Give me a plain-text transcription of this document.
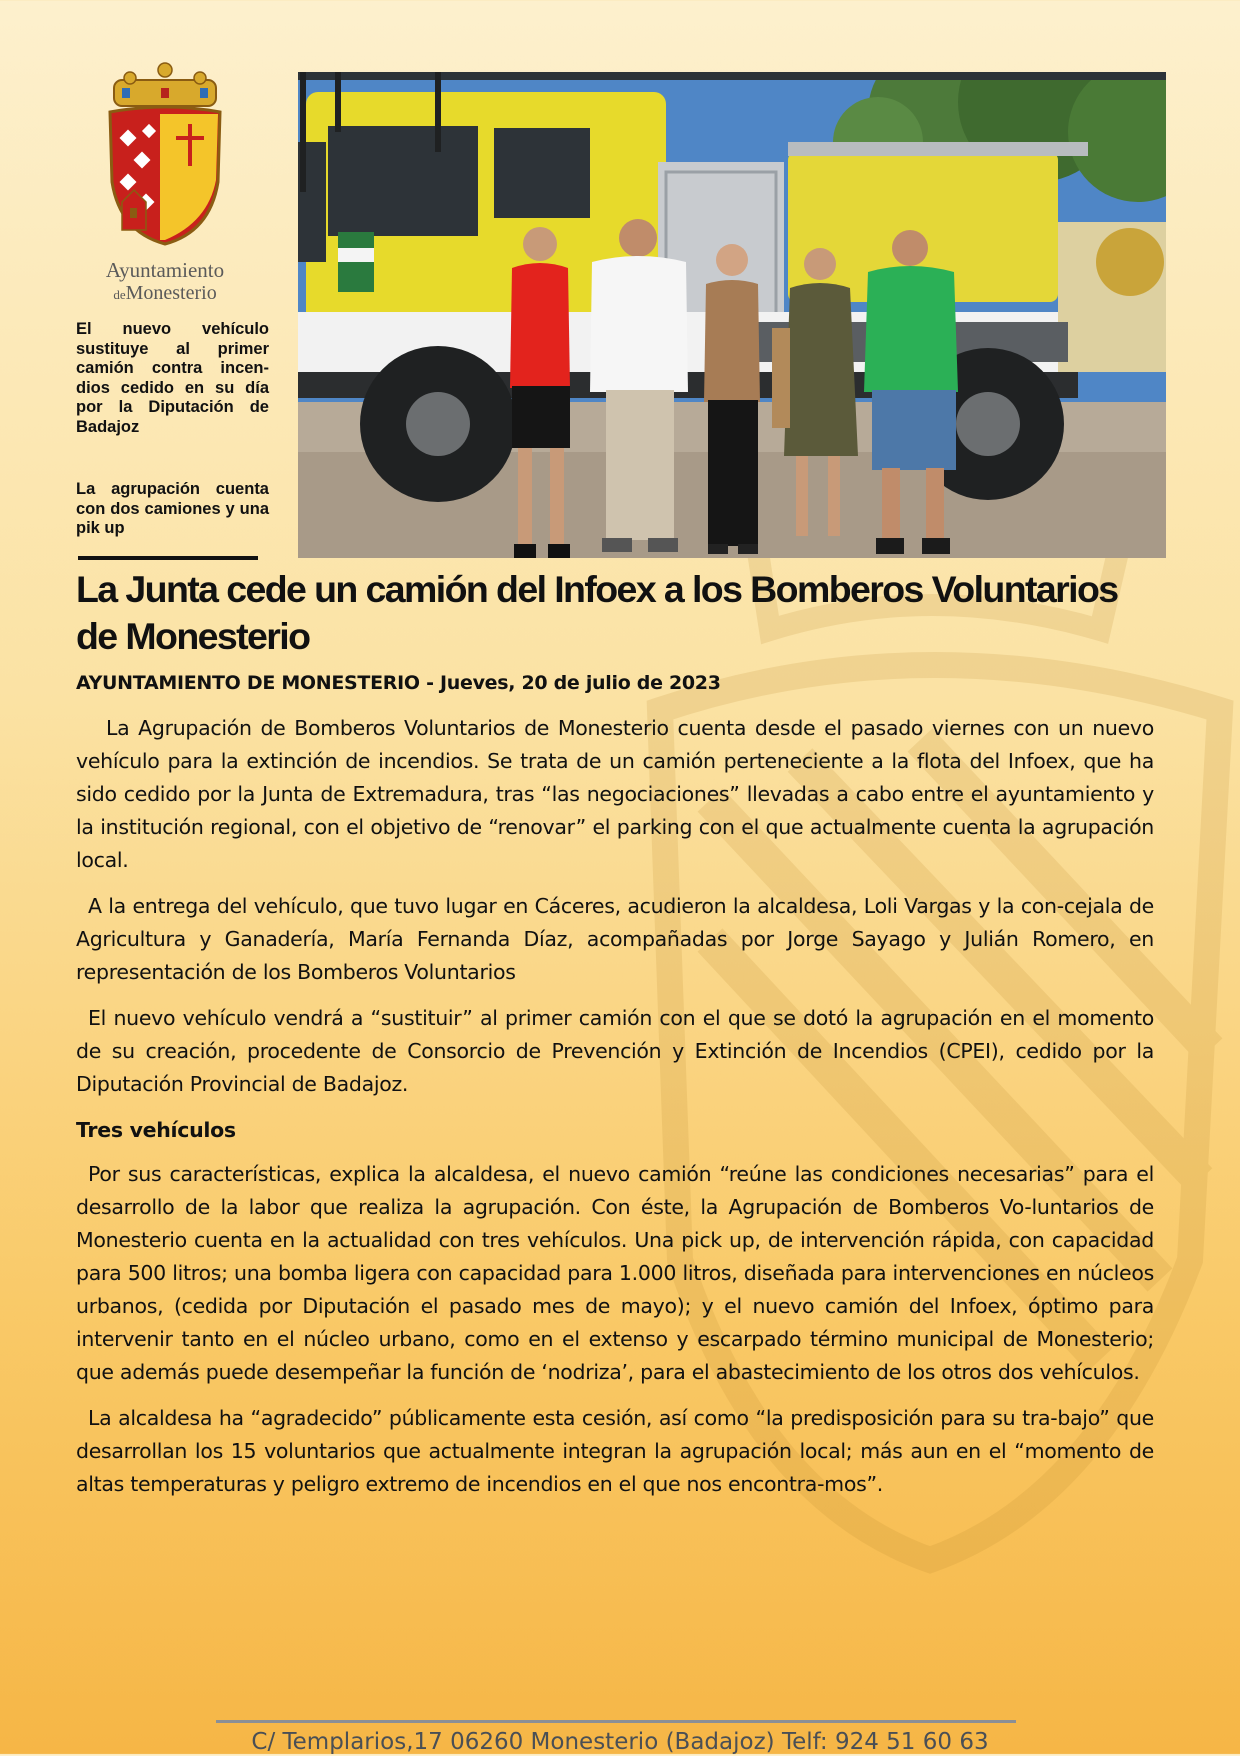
Ayuntamiento
deMonesterio
El nuevo vehículo sustituye al primer camión contra incen-dios cedido en su día por la Diputación de Badajoz
La agrupación cuenta con dos camiones y una pik up
La Junta cede un camión del Infoex a los Bomberos Voluntarios de Monesterio

AYUNTAMIENTO DE MONESTERIO - Jueves, 20 de julio de 2023

La Agrupación de Bomberos Voluntarios de Monesterio cuenta desde el pasado viernes con un nuevo vehículo para la extinción de incendios. Se trata de un camión perteneciente a la flota del Infoex, que ha sido cedido por la Junta de Extremadura, tras “las negociaciones” llevadas a cabo entre el ayuntamiento y la institución regional, con el objetivo de “renovar” el parking con el que actualmente cuenta la agrupación local.

A la entrega del vehículo, que tuvo lugar en Cáceres, acudieron la alcaldesa, Loli Vargas y la con-cejala de Agricultura y Ganadería, María Fernanda Díaz, acompañadas por Jorge Sayago y Julián Romero, en representación de los Bomberos Voluntarios

El nuevo vehículo vendrá a “sustituir” al primer camión con el que se dotó la agrupación en el momento de su creación, procedente de Consorcio de Prevención y Extinción de Incendios (CPEI), cedido por la Diputación Provincial de Badajoz.

Tres vehículos

Por sus características, explica la alcaldesa, el nuevo camión “reúne las condiciones necesarias” para el desarrollo de la labor que realiza la agrupación. Con éste, la Agrupación de Bomberos Vo-luntarios de Monesterio cuenta en la actualidad con tres vehículos. Una pick up, de intervención rápida, con capacidad para 500 litros; una bomba ligera con capacidad para 1.000 litros, diseñada para intervenciones en núcleos urbanos, (cedida por Diputación el pasado mes de mayo); y el nuevo camión del Infoex, óptimo para intervenir tanto en el núcleo urbano, como en el extenso y escarpado término municipal de Monesterio; que además puede desempeñar la función de ‘nodriza’, para el abastecimiento de los otros dos vehículos.

La alcaldesa ha “agradecido” públicamente esta cesión, así como “la predisposición para su tra-bajo” que desarrollan los 15 voluntarios que actualmente integran la agrupación local; más aun en el “momento de altas temperaturas y peligro extremo de incendios en el que nos encontra-mos”.

C/ Templarios,17 06260 Monesterio (Badajoz) Telf: 924 51 60 63
